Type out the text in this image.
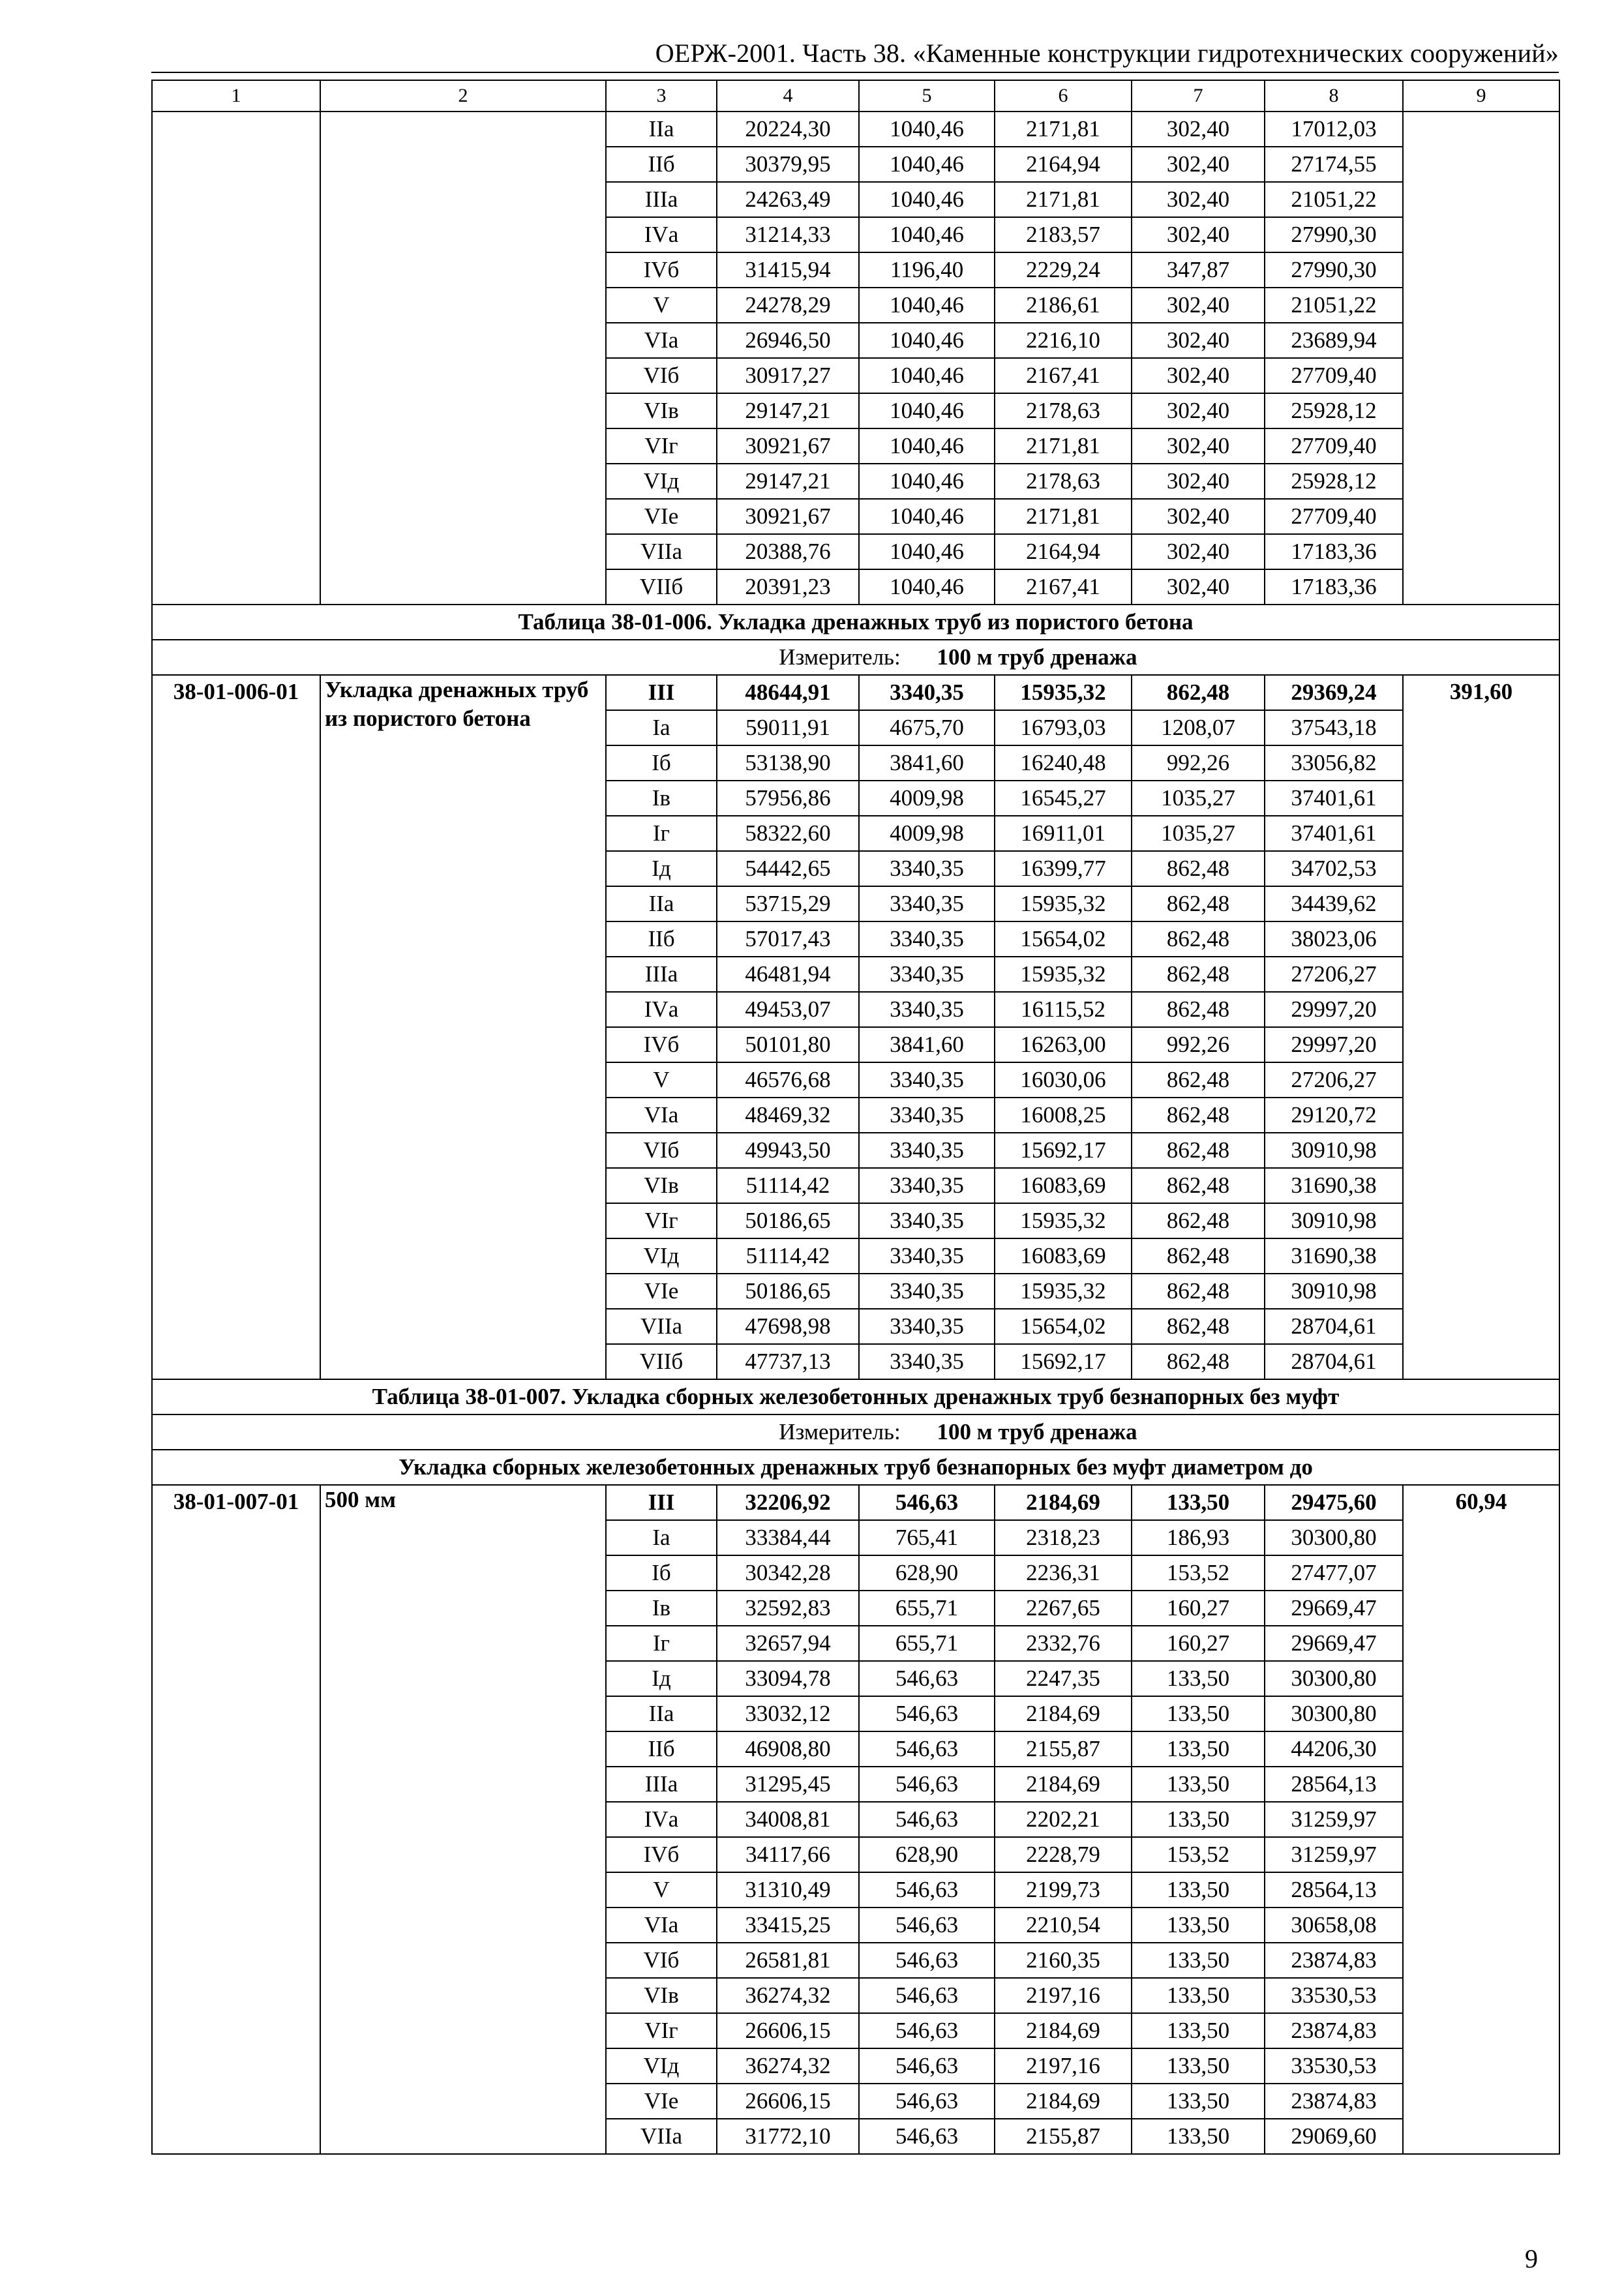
ОЕРЖ-2001. Часть 38. «Каменные конструкции гидротехнических сооружений»
1	2	3	4	5	6	7	8	9
		IIа	20224,30	1040,46	2171,81	302,40	17012,03	
		IIб	30379,95	1040,46	2164,94	302,40	27174,55	
		IIIа	24263,49	1040,46	2171,81	302,40	21051,22	
		IVа	31214,33	1040,46	2183,57	302,40	27990,30	
		IVб	31415,94	1196,40	2229,24	347,87	27990,30	
		V	24278,29	1040,46	2186,61	302,40	21051,22	
		VIа	26946,50	1040,46	2216,10	302,40	23689,94	
		VIб	30917,27	1040,46	2167,41	302,40	27709,40	
		VIв	29147,21	1040,46	2178,63	302,40	25928,12	
		VIг	30921,67	1040,46	2171,81	302,40	27709,40	
		VIд	29147,21	1040,46	2178,63	302,40	25928,12	
		VIе	30921,67	1040,46	2171,81	302,40	27709,40	
		VIIа	20388,76	1040,46	2164,94	302,40	17183,36	
		VIIб	20391,23	1040,46	2167,41	302,40	17183,36	
Таблица 38-01-006. Укладка дренажных труб из пористого бетона								
Измеритель: 100 м труб дренажа								
38-01-006-01	Укладка дренажных труб из пористого бетона	III	48644,91	3340,35	15935,32	862,48	29369,24	391,60
		Iа	59011,91	4675,70	16793,03	1208,07	37543,18	
		Iб	53138,90	3841,60	16240,48	992,26	33056,82	
		Iв	57956,86	4009,98	16545,27	1035,27	37401,61	
		Iг	58322,60	4009,98	16911,01	1035,27	37401,61	
		Iд	54442,65	3340,35	16399,77	862,48	34702,53	
		IIа	53715,29	3340,35	15935,32	862,48	34439,62	
		IIб	57017,43	3340,35	15654,02	862,48	38023,06	
		IIIа	46481,94	3340,35	15935,32	862,48	27206,27	
		IVа	49453,07	3340,35	16115,52	862,48	29997,20	
		IVб	50101,80	3841,60	16263,00	992,26	29997,20	
		V	46576,68	3340,35	16030,06	862,48	27206,27	
		VIа	48469,32	3340,35	16008,25	862,48	29120,72	
		VIб	49943,50	3340,35	15692,17	862,48	30910,98	
		VIв	51114,42	3340,35	16083,69	862,48	31690,38	
		VIг	50186,65	3340,35	15935,32	862,48	30910,98	
		VIд	51114,42	3340,35	16083,69	862,48	31690,38	
		VIе	50186,65	3340,35	15935,32	862,48	30910,98	
		VIIа	47698,98	3340,35	15654,02	862,48	28704,61	
		VIIб	47737,13	3340,35	15692,17	862,48	28704,61	
Таблица 38-01-007. Укладка сборных железобетонных дренажных труб безнапорных без муфт								
Измеритель: 100 м труб дренажа								
Укладка сборных железобетонных дренажных труб безнапорных без муфт диаметром до								
38-01-007-01	500 мм	III	32206,92	546,63	2184,69	133,50	29475,60	60,94
		Iа	33384,44	765,41	2318,23	186,93	30300,80	
		Iб	30342,28	628,90	2236,31	153,52	27477,07	
		Iв	32592,83	655,71	2267,65	160,27	29669,47	
		Iг	32657,94	655,71	2332,76	160,27	29669,47	
		Iд	33094,78	546,63	2247,35	133,50	30300,80	
		IIа	33032,12	546,63	2184,69	133,50	30300,80	
		IIб	46908,80	546,63	2155,87	133,50	44206,30	
		IIIа	31295,45	546,63	2184,69	133,50	28564,13	
		IVа	34008,81	546,63	2202,21	133,50	31259,97	
		IVб	34117,66	628,90	2228,79	153,52	31259,97	
		V	31310,49	546,63	2199,73	133,50	28564,13	
		VIа	33415,25	546,63	2210,54	133,50	30658,08	
		VIб	26581,81	546,63	2160,35	133,50	23874,83	
		VIв	36274,32	546,63	2197,16	133,50	33530,53	
		VIг	26606,15	546,63	2184,69	133,50	23874,83	
		VIд	36274,32	546,63	2197,16	133,50	33530,53	
		VIе	26606,15	546,63	2184,69	133,50	23874,83	
		VIIа	31772,10	546,63	2155,87	133,50	29069,60	
9
